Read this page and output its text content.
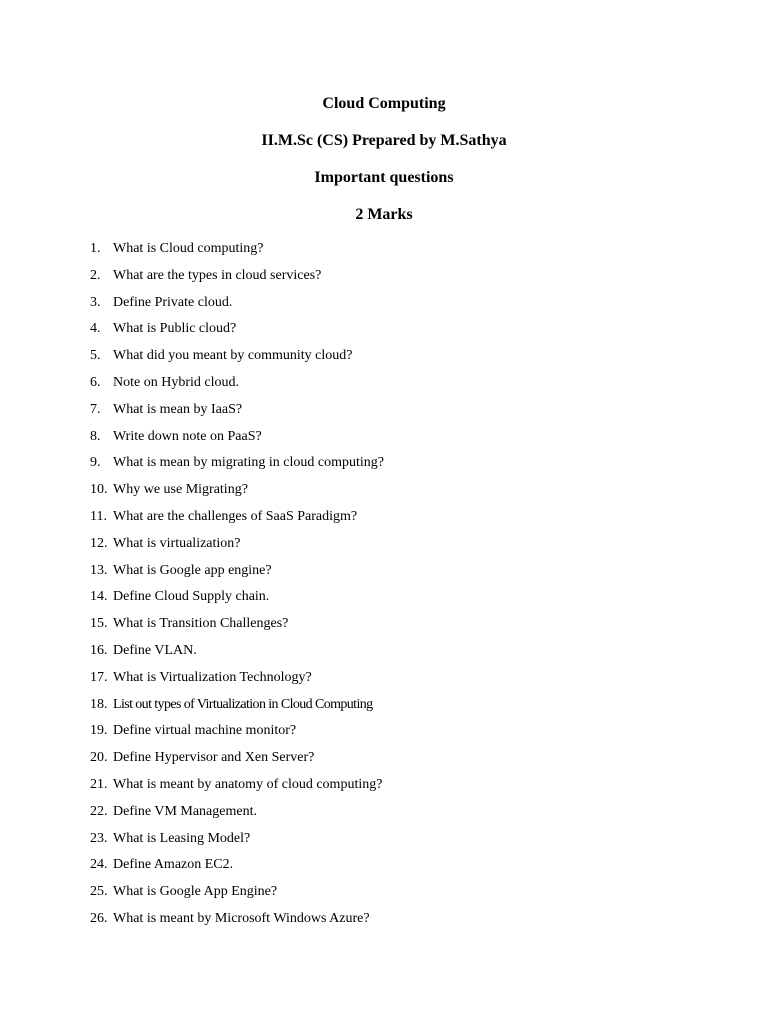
Cloud Computing
II.M.Sc (CS) Prepared by M.Sathya
Important questions
2 Marks
1. What is Cloud computing?
2. What are the types in cloud services?
3. Define Private cloud.
4. What is Public cloud?
5. What did you meant by community cloud?
6. Note on Hybrid cloud.
7. What is mean by IaaS?
8. Write down note on PaaS?
9. What is mean by migrating in cloud computing?
10. Why we use Migrating?
11. What are the challenges of SaaS Paradigm?
12. What is virtualization?
13. What is Google app engine?
14. Define Cloud Supply chain.
15. What is Transition Challenges?
16. Define VLAN.
17. What is Virtualization Technology?
18. List out types of Virtualization in Cloud Computing
19. Define virtual machine monitor?
20. Define Hypervisor and Xen Server?
21. What is meant by anatomy of cloud computing?
22. Define VM Management.
23. What is Leasing Model?
24. Define Amazon EC2.
25. What is Google App Engine?
26. What is meant by Microsoft Windows Azure?
